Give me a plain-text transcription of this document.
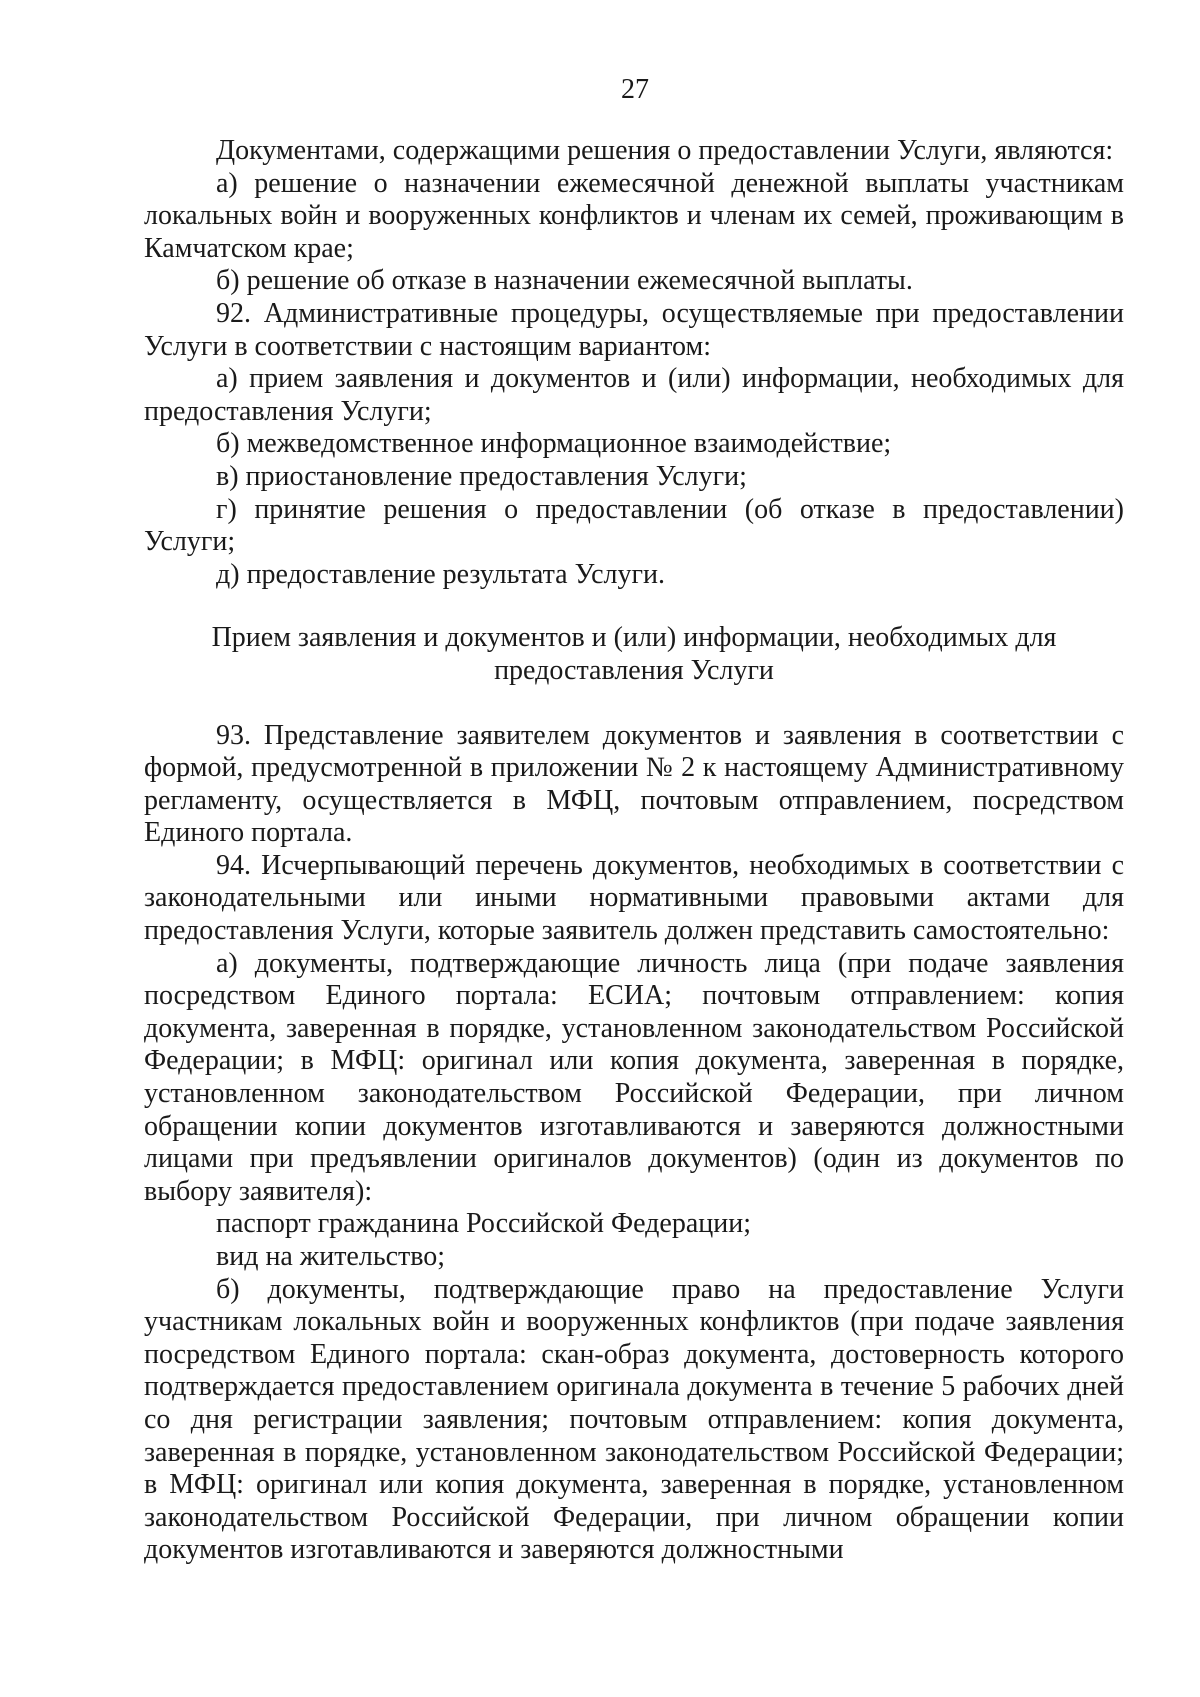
27

Документами, содержащими решения о предоставлении Услуги, являются:

а) решение о назначении ежемесячной денежной выплаты участникам локальных войн и вооруженных конфликтов и членам их семей, проживающим в Камчатском крае;

б) решение об отказе в назначении ежемесячной выплаты.

92. Административные процедуры, осуществляемые при предоставлении Услуги в соответствии с настоящим вариантом:

а) прием заявления и документов и (или) информации, необходимых для предоставления Услуги;

б) межведомственное информационное взаимодействие;

в) приостановление предоставления Услуги;

г) принятие решения о предоставлении (об отказе в предоставлении) Услуги;

д) предоставление результата Услуги.

Прием заявления и документов и (или) информации, необходимых для
предоставления Услуги

93. Представление заявителем документов и заявления в соответствии с формой, предусмотренной в приложении № 2 к настоящему Административному регламенту, осуществляется в МФЦ, почтовым отправлением, посредством Единого портала.

94. Исчерпывающий перечень документов, необходимых в соответствии с законодательными или иными нормативными правовыми актами для предоставления Услуги, которые заявитель должен представить самостоятельно:

а) документы, подтверждающие личность лица (при подаче заявления посредством Единого портала: ЕСИА; почтовым отправлением: копия документа, заверенная в порядке, установленном законодательством Российской Федерации; в МФЦ: оригинал или копия документа, заверенная в порядке, установленном законодательством Российской Федерации, при личном обращении копии документов изготавливаются и заверяются должностными лицами при предъявлении оригиналов документов) (один из документов по выбору заявителя):

паспорт гражданина Российской Федерации;

вид на жительство;

б) документы, подтверждающие право на предоставление Услуги участникам локальных войн и вооруженных конфликтов (при подаче заявления посредством Единого портала: скан-образ документа, достоверность которого подтверждается предоставлением оригинала документа в течение 5 рабочих дней со дня регистрации заявления; почтовым отправлением: копия документа, заверенная в порядке, установленном законодательством Российской Федерации; в МФЦ: оригинал или копия документа, заверенная в порядке, установленном законодательством Российской Федерации, при личном обращении копии документов изготавливаются и заверяются должностными
